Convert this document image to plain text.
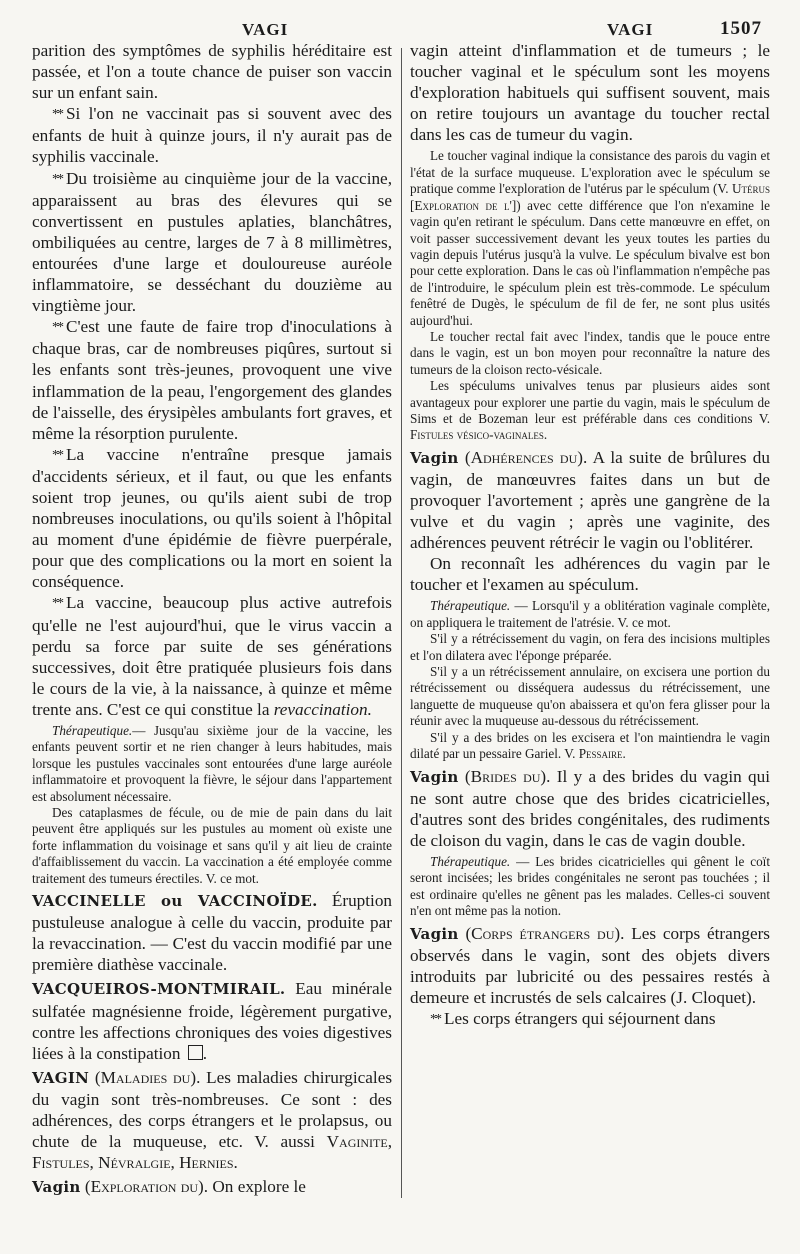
VAGI	VAGI	1507

parition des symptômes de syphilis héréditaire est passée, et l'on a toute chance de puiser son vaccin sur un enfant sain.

** Si l'on ne vaccinait pas si souvent avec des enfants de huit à quinze jours, il n'y aurait pas de syphilis vaccinale.

** Du troisième au cinquième jour de la vaccine, apparaissent au bras des élevures qui se convertissent en pustules aplaties, blanchâtres, ombiliquées au centre, larges de 7 à 8 millimètres, entourées d'une large et douloureuse auréole inflammatoire, se desséchant du douzième au vingtième jour.

** C'est une faute de faire trop d'inoculations à chaque bras, car de nombreuses piqûres, surtout si les enfants sont très-jeunes, provoquent une vive inflammation de la peau, l'engorgement des glandes de l'aisselle, des érysipèles ambulants fort graves, et même la résorption purulente.

** La vaccine n'entraîne presque jamais d'accidents sérieux, et il faut, ou que les enfants soient trop jeunes, ou qu'ils aient subi de trop nombreuses inoculations, ou qu'ils soient à l'hôpital au moment d'une épidémie de fièvre puerpérale, pour que des complications ou la mort en soient la conséquence.

** La vaccine, beaucoup plus active autrefois qu'elle ne l'est aujourd'hui, que le virus vaccin a perdu sa force par suite de ses générations successives, doit être pratiquée plusieurs fois dans le cours de la vie, à la naissance, à quinze et même trente ans. C'est ce qui constitue la revaccination.

Thérapeutique.— Jusqu'au sixième jour de la vaccine, les enfants peuvent sortir et ne rien changer à leurs habitudes, mais lorsque les pustules vaccinales sont entourées d'une large auréole inflammatoire et provoquent la fièvre, le séjour dans l'appartement est absolument nécessaire.

Des cataplasmes de fécule, ou de mie de pain dans du lait peuvent être appliqués sur les pustules au moment où existe une forte inflammation du voisinage et sans qu'il y ait lieu de crainte d'affaiblissement du vaccin. La vaccination a été employée comme traitement des tumeurs érectiles. V. ce mot.

VACCINELLE ou VACCINOÏDE. Éruption pustuleuse analogue à celle du vaccin, produite par la revaccination. — C'est du vaccin modifié par une première diathèse vaccinale.

VACQUEIROS-MONTMIRAIL. Eau minérale sulfatée magnésienne froide, légèrement purgative, contre les affections chroniques des voies digestives liées à la constipation .

VAGIN (Maladies du). Les maladies chirurgicales du vagin sont très-nombreuses. Ce sont : des adhérences, des corps étrangers et le prolapsus, ou chute de la muqueuse, etc. V. aussi Vaginite, Fistules, Névralgie, Hernies.

Vagin (Exploration du). On explore le

vagin atteint d'inflammation et de tumeurs ; le toucher vaginal et le spéculum sont les moyens d'exploration habituels qui suffisent souvent, mais on retire toujours un avantage du toucher rectal dans les cas de tumeur du vagin.

Le toucher vaginal indique la consistance des parois du vagin et l'état de la surface muqueuse. L'exploration avec le spéculum se pratique comme l'exploration de l'utérus par le spéculum (V. Utérus [Exploration de l']) avec cette différence que l'on n'examine le vagin qu'en retirant le spéculum. Dans cette manœuvre en effet, on voit passer successivement devant les yeux toutes les parties du vagin depuis l'utérus jusqu'à la vulve. Le spéculum bivalve est bon pour cette exploration. Dans le cas où l'inflammation n'empêche pas de l'introduire, le spéculum plein est très-commode. Le spéculum fenêtré de Dugès, le spéculum de fil de fer, ne sont plus usités aujourd'hui.

Le toucher rectal fait avec l'index, tandis que le pouce entre dans le vagin, est un bon moyen pour reconnaître la nature des tumeurs de la cloison recto-vésicale.

Les spéculums univalves tenus par plusieurs aides sont avantageux pour explorer une partie du vagin, mais le spéculum de Sims et de Bozeman leur est préférable dans ces conditions V. Fistules vésico-vaginales.

Vagin (Adhérences du). A la suite de brûlures du vagin, de manœuvres faites dans un but de provoquer l'avortement ; après une gangrène de la vulve et du vagin ; après une vaginite, des adhérences peuvent rétrécir le vagin ou l'oblitérer.

On reconnaît les adhérences du vagin par le toucher et l'examen au spéculum.

Thérapeutique. — Lorsqu'il y a oblitération vaginale complète, on appliquera le traitement de l'atrésie. V. ce mot.

S'il y a rétrécissement du vagin, on fera des incisions multiples et l'on dilatera avec l'éponge préparée.

S'il y a un rétrécissement annulaire, on excisera une portion du rétrécissement ou disséquera audessus du rétrécissement, une languette de muqueuse qu'on abaissera et qu'on fera glisser pour la réunir avec la muqueuse au-dessous du rétrécissement.

S'il y a des brides on les excisera et l'on maintiendra le vagin dilaté par un pessaire Gariel. V. Pessaire.

Vagin (Brides du). Il y a des brides du vagin qui ne sont autre chose que des brides cicatricielles, d'autres sont des brides congénitales, des rudiments de cloison du vagin, dans le cas de vagin double.

Thérapeutique. — Les brides cicatricielles qui gênent le coït seront incisées; les brides congénitales ne seront pas touchées ; il est ordinaire qu'elles ne gênent pas les malades. Celles-ci souvent n'en ont même pas la notion.

Vagin (Corps étrangers du). Les corps étrangers observés dans le vagin, sont des objets divers introduits par lubricité ou des pessaires restés à demeure et incrustés de sels calcaires (J. Cloquet).

** Les corps étrangers qui séjournent dans
